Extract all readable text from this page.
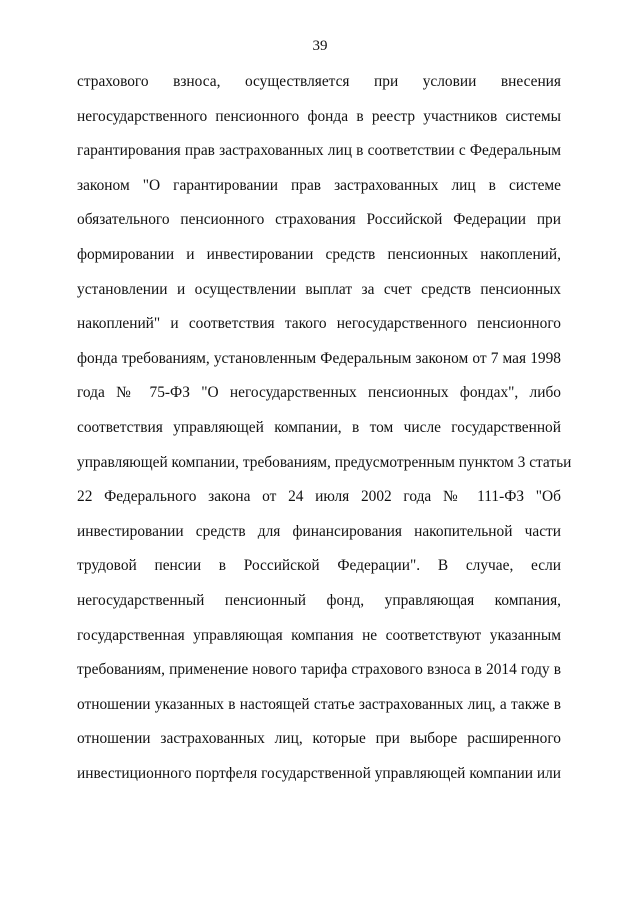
39
страхового взноса, осуществляется при условии внесения
негосударственного пенсионного фонда в реестр участников системы
гарантирования прав застрахованных лиц в соответствии с Федеральным
законом "О гарантировании прав застрахованных лиц в системе
обязательного пенсионного страхования Российской Федерации при
формировании и инвестировании средств пенсионных накоплений,
установлении и осуществлении выплат за счет средств пенсионных
накоплений" и соответствия такого негосударственного пенсионного
фонда требованиям, установленным Федеральным законом от 7 мая 1998
года № 75-ФЗ "О негосударственных пенсионных фондах", либо
соответствия управляющей компании, в том числе государственной
управляющей компании, требованиям, предусмотренным пунктом 3 статьи
22 Федерального закона от 24 июля 2002 года № 111-ФЗ "Об
инвестировании средств для финансирования накопительной части
трудовой пенсии в Российской Федерации". В случае, если
негосударственный пенсионный фонд, управляющая компания,
государственная управляющая компания не соответствуют указанным
требованиям, применение нового тарифа страхового взноса в 2014 году в
отношении указанных в настоящей статье застрахованных лиц, а также в
отношении застрахованных лиц, которые при выборе расширенного
инвестиционного портфеля государственной управляющей компании или
